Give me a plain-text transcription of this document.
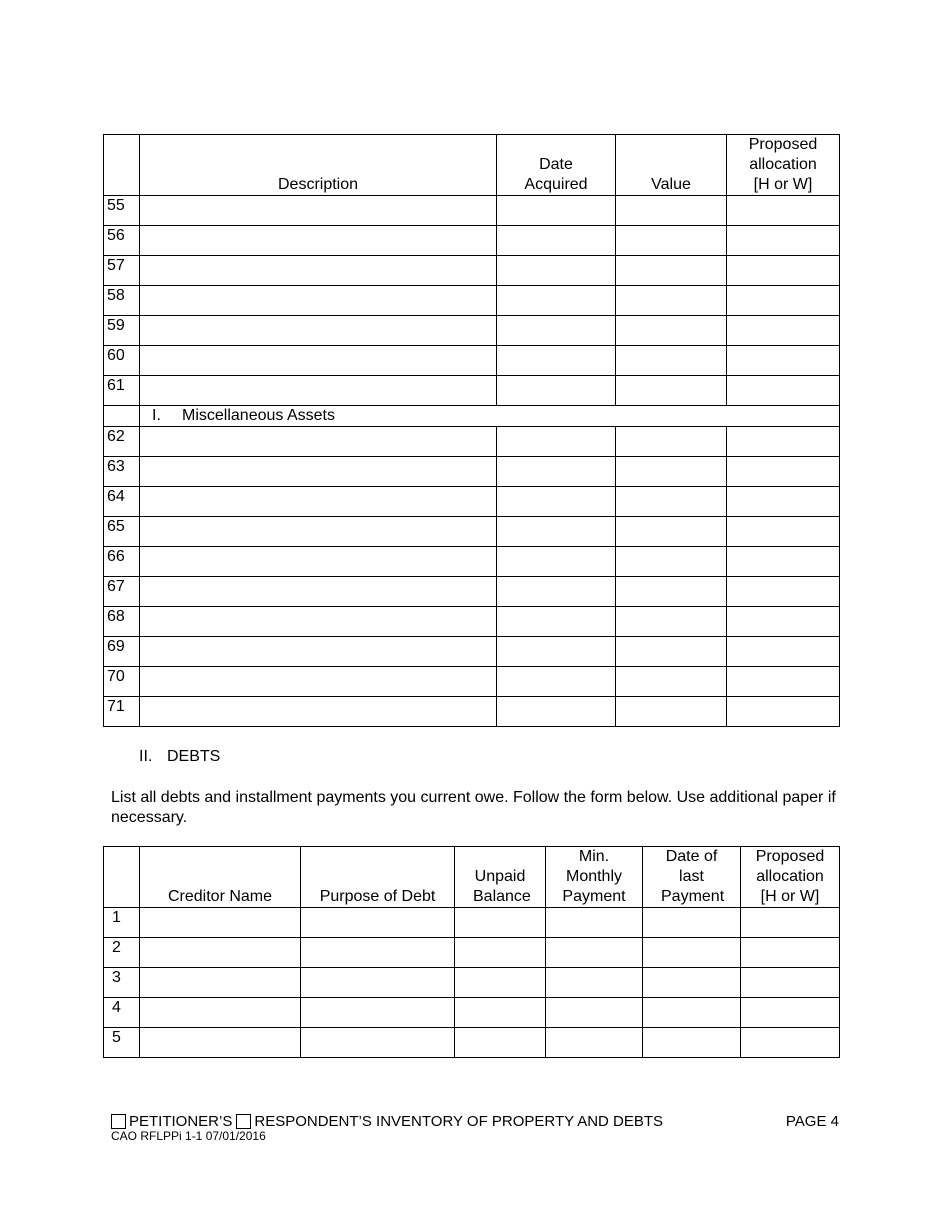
	Description	Date Acquired	Value	Proposed allocation [H or W]
55				
56				
57				
58				
59				
60				
61				
	I. Miscellaneous Assets			
62				
63				
64				
65				
66				
67				
68				
69				
70				
71				
II. DEBTS
List all debts and installment payments you current owe. Follow the form below. Use additional paper if necessary.
	Creditor Name	Purpose of Debt	Unpaid Balance	Min. Monthly Payment	Date of last Payment	Proposed allocation [H or W]
1						
2						
3						
4						
5						
PETITIONER’S RESPONDENT’S INVENTORY OF PROPERTY AND DEBTS	PAGE 4
CAO RFLPPi 1-1 07/01/2016
